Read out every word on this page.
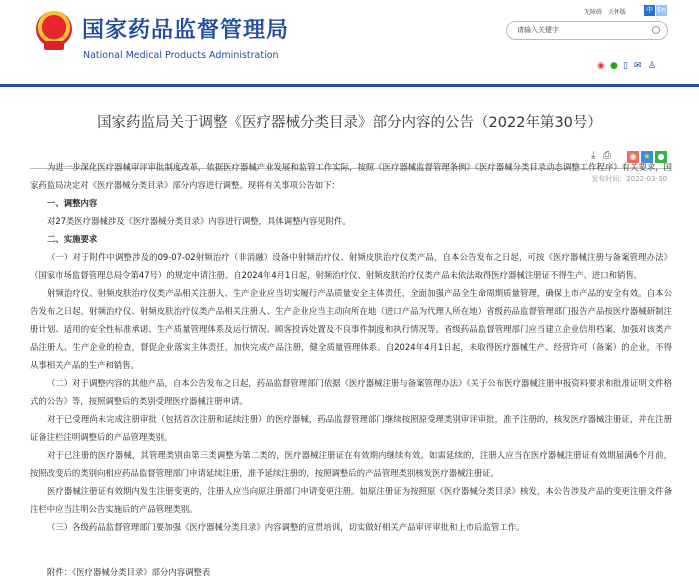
国家药品监督管理局
National Medical Products Administration
无障碍 关怀版	中 En
请输入关键字
◉ ● ▯ ✉ ♙
国家药监局关于调整《医疗器械分类目录》部分内容的公告（2022年第30号）
⤓ ⎙	◉ ★ ●
发布时间：2022-03-30

为进一步深化医疗器械审评审批制度改革，依据医疗器械产业发展和监管工作实际，按照《医疗器械监督管理条例》《医疗器械分类目录动态调整工作程序》有关要求，国家药监局决定对《医疗器械分类目录》部分内容进行调整。现将有关事项公告如下：

一、调整内容

对27类医疗器械涉及《医疗器械分类目录》内容进行调整，具体调整内容见附件。

二、实施要求

（一）对于附件中调整涉及的09-07-02射频治疗（非消融）设备中射频治疗仪、射频皮肤治疗仪类产品，自本公告发布之日起，可按《医疗器械注册与备案管理办法》（国家市场监督管理总局令第47号）的规定申请注册。自2024年4月1日起，射频治疗仪、射频皮肤治疗仪类产品未依法取得医疗器械注册证不得生产、进口和销售。

射频治疗仪、射频皮肤治疗仪类产品相关注册人、生产企业应当切实履行产品质量安全主体责任，全面加强产品全生命周期质量管理，确保上市产品的安全有效。自本公告发布之日起，射频治疗仪、射频皮肤治疗仪类产品相关注册人、生产企业应当主动向所在地（进口产品为代理人所在地）省级药品监督管理部门报告产品按医疗器械研制注册计划、适用的安全性标准承诺、生产质量管理体系及运行情况、顾客投诉处置及不良事件制度和执行情况等。省级药品监督管理部门应当建立企业信用档案，加强对该类产品注册人、生产企业的检查，督促企业落实主体责任，加快完成产品注册，健全质量管理体系。自2024年4月1日起，未取得医疗器械生产、经营许可（备案）的企业，不得从事相关产品的生产和销售。

（二）对于调整内容的其他产品，自本公告发布之日起，药品监督管理部门依据《医疗器械注册与备案管理办法》《关于公布医疗器械注册申报资料要求和批准证明文件格式的公告》等，按照调整后的类别受理医疗器械注册申请。

对于已受理尚未完成注册审批（包括首次注册和延续注册）的医疗器械，药品监督管理部门继续按照原受理类别审评审批，准予注册的，核发医疗器械注册证，并在注册证备注栏注明调整后的产品管理类别。

对于已注册的医疗器械，其管理类别由第三类调整为第二类的，医疗器械注册证在有效期内继续有效。如需延续的，注册人应当在医疗器械注册证有效期届满6个月前，按照改变后的类别向相应药品监督管理部门申请延续注册，准予延续注册的，按照调整后的产品管理类别核发医疗器械注册证。

医疗器械注册证有效期内发生注册变更的，注册人应当向原注册部门申请变更注册。如原注册证为按照原《医疗器械分类目录》核发，本公告涉及产品的变更注册文件备注栏中应当注明公告实施后的产品管理类别。

（三）各级药品监督管理部门要加强《医疗器械分类目录》内容调整的宣贯培训，切实做好相关产品审评审批和上市后监管工作。

附件：《医疗器械分类目录》部分内容调整表
